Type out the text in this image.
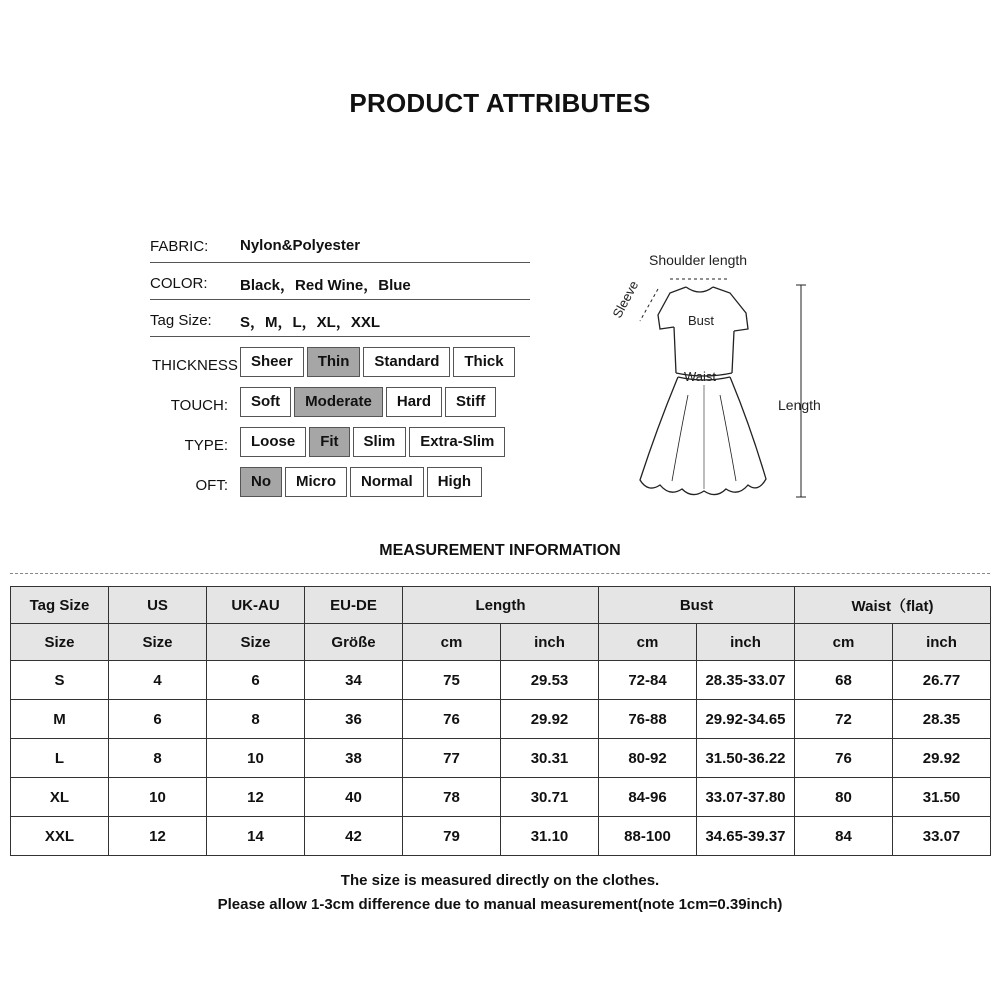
PRODUCT ATTRIBUTES
FABRIC: Nylon&Polyester
COLOR: Black，Red Wine，Blue
Tag Size: S，M，L，XL，XXL
THICKNESS Sheer	Thin	Standard	Thick
TOUCH:	Soft	Moderate	Hard	Stiff
TYPE:	Loose	Fit	Slim	Extra-Slim
OFT:	No	Micro	Normal	High
Shoulder length
Sleeve
Bust
Waist
Length
MEASUREMENT INFORMATION
Tag Size	US	UK-AU	EU-DE	Length		Bust		Waist（flat)	
Size	Size	Size	Größe	cm	inch	cm	inch	cm	inch
S	4	6	34	75	29.53	72-84	28.35-33.07	68	26.77
M	6	8	36	76	29.92	76-88	29.92-34.65	72	28.35
L	8	10	38	77	30.31	80-92	31.50-36.22	76	29.92
XL	10	12	40	78	30.71	84-96	33.07-37.80	80	31.50
XXL	12	14	42	79	31.10	88-100	34.65-39.37	84	33.07
The size is measured directly on the clothes.
Please allow 1-3cm difference due to manual measurement(note 1cm=0.39inch)
